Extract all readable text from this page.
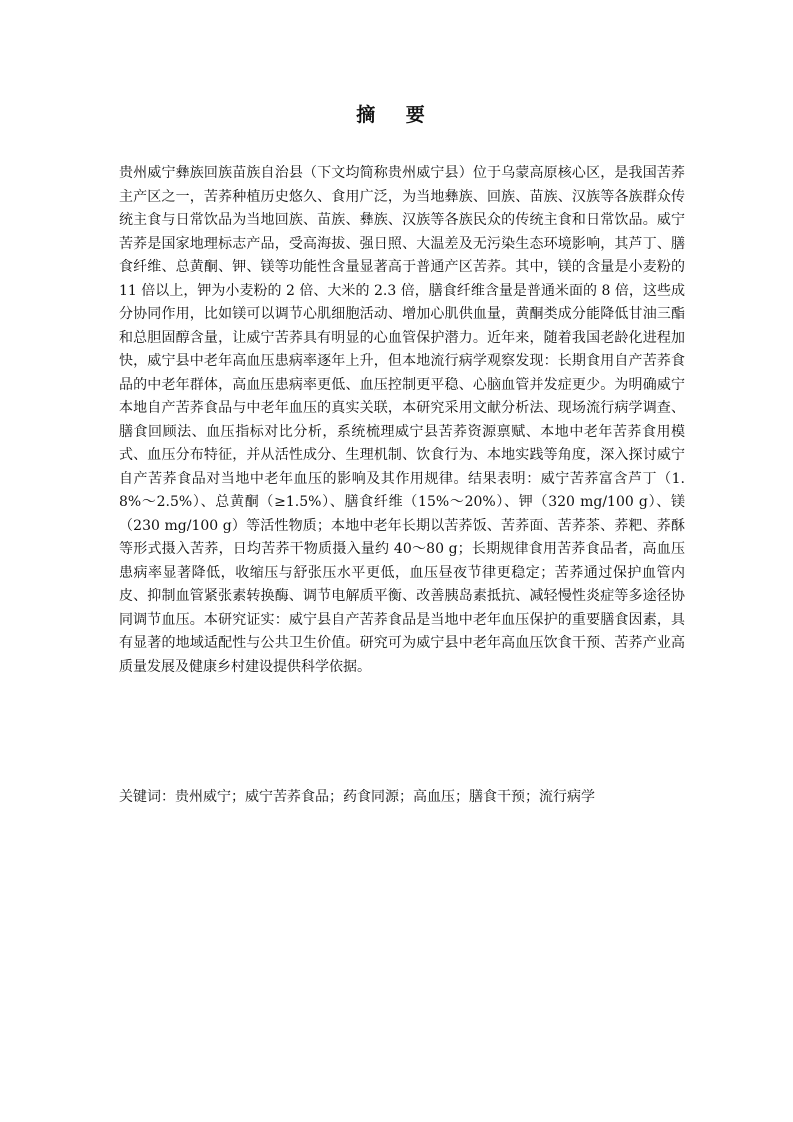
摘 要

贵州威宁彝族回族苗族自治县（下文均简称贵州威宁县）位于乌蒙高原核心区，是我国苦荞主产区之一，苦荞种植历史悠久、食用广泛，为当地彝族、回族、苗族、汉族等各族群众传统主食与日常饮品为当地回族、苗族、彝族、汉族等各族民众的传统主食和日常饮品。威宁苦荞是国家地理标志产品，受高海拔、强日照、大温差及无污染生态环境影响，其芦丁、膳食纤维、总黄酮、钾、镁等功能性含量显著高于普通产区苦荞。其中，镁的含量是小麦粉的 11 倍以上，钾为小麦粉的 2 倍、大米的 2.3 倍，膳食纤维含量是普通米面的 8 倍，这些成分协同作用，比如镁可以调节心肌细胞活动、增加心肌供血量，黄酮类成分能降低甘油三酯和总胆固醇含量，让威宁苦荞具有明显的心血管保护潜力。近年来，随着我国老龄化进程加快，威宁县中老年高血压患病率逐年上升，但本地流行病学观察发现：长期食用自产苦荞食品的中老年群体，高血压患病率更低、血压控制更平稳、心脑血管并发症更少。为明确威宁本地自产苦荞食品与中老年血压的真实关联，本研究采用文献分析法、现场流行病学调查、膳食回顾法、血压指标对比分析，系统梳理威宁县苦荞资源禀赋、本地中老年苦荞食用模式、血压分布特征，并从活性成分、生理机制、饮食行为、本地实践等角度，深入探讨威宁自产苦荞食品对当地中老年血压的影响及其作用规律。结果表明：威宁苦荞富含芦丁（1.8%～2.5%）、总黄酮（≥1.5%）、膳食纤维（15%～20%）、钾（320 mg/100 g）、镁（230 mg/100 g）等活性物质；本地中老年长期以苦荞饭、苦荞面、苦荞茶、荞粑、荞酥等形式摄入苦荞，日均苦荞干物质摄入量约 40～80 g；长期规律食用苦荞食品者，高血压患病率显著降低，收缩压与舒张压水平更低，血压昼夜节律更稳定；苦荞通过保护血管内皮、抑制血管紧张素转换酶、调节电解质平衡、改善胰岛素抵抗、减轻慢性炎症等多途径协同调节血压。本研究证实：威宁县自产苦荞食品是当地中老年血压保护的重要膳食因素，具有显著的地域适配性与公共卫生价值。研究可为威宁县中老年高血压饮食干预、苦荞产业高质量发展及健康乡村建设提供科学依据。

关键词：贵州威宁；威宁苦荞食品；药食同源；高血压；膳食干预；流行病学
